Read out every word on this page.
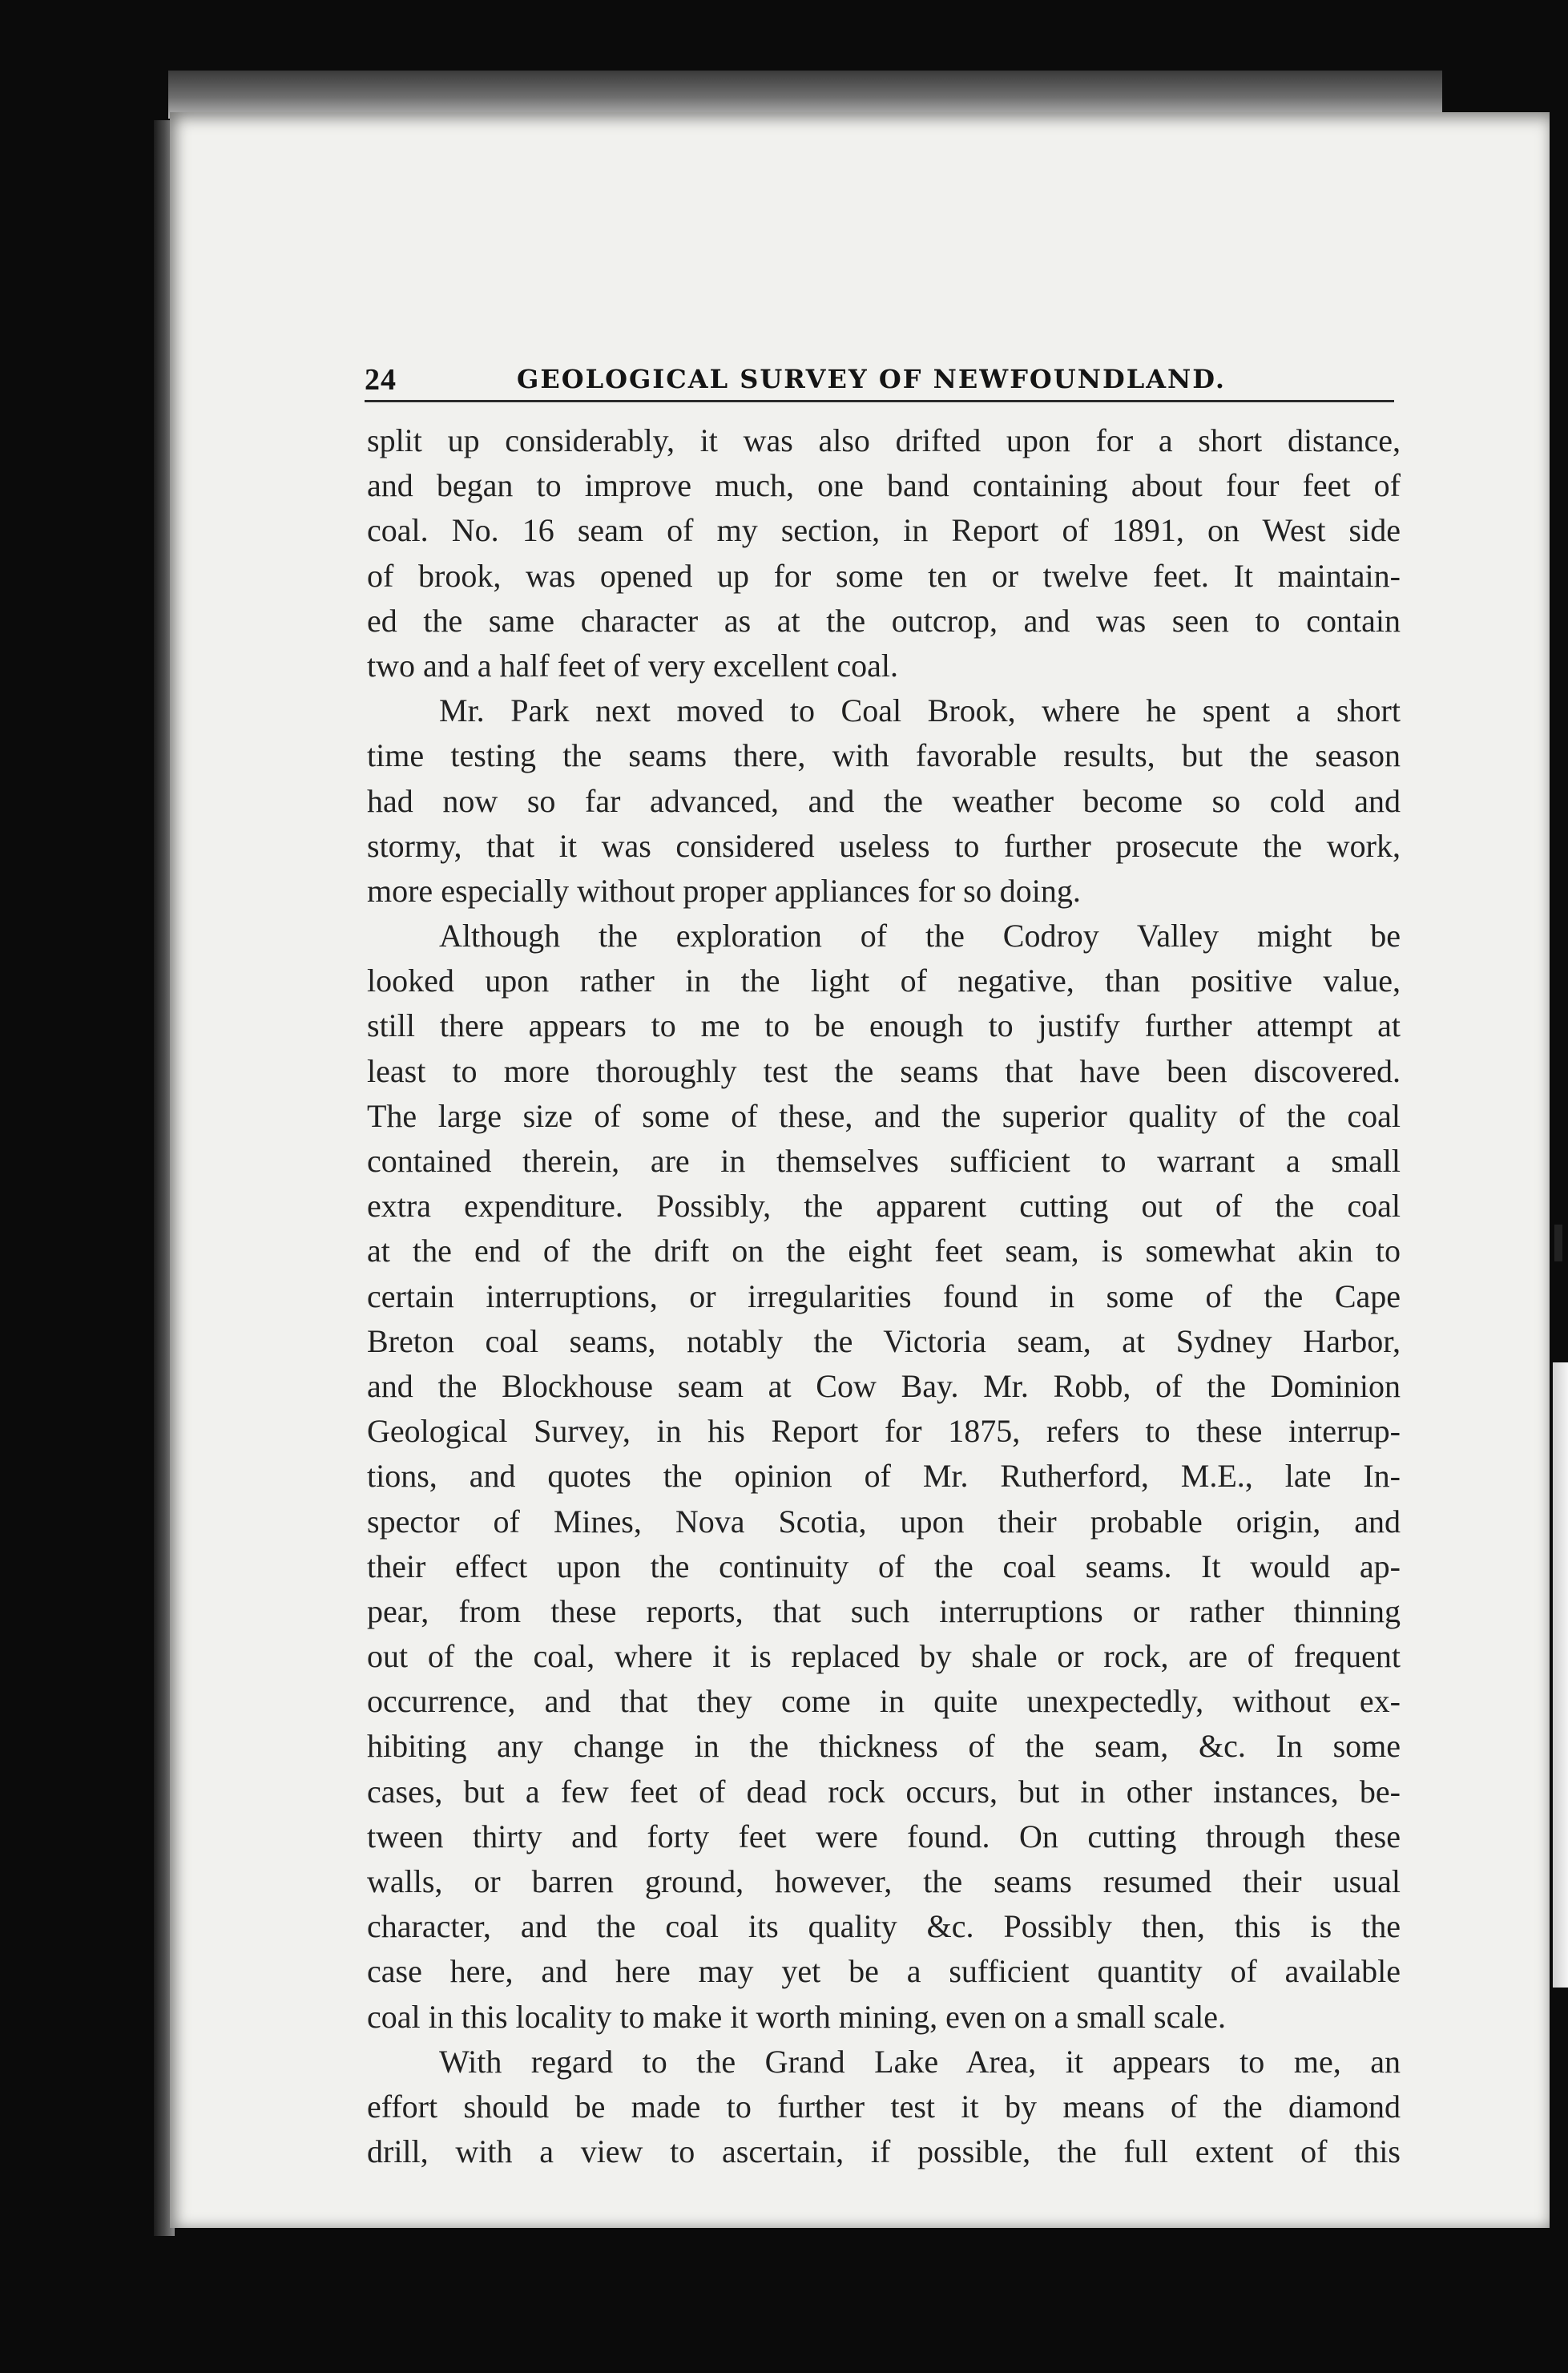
24	GEOLOGICAL SURVEY OF NEWFOUNDLAND.
split up considerably, it was also drifted upon for a short distance,
and began to improve much, one band containing about four feet of
coal. No. 16 seam of my section, in Report of 1891, on West side
of brook, was opened up for some ten or twelve feet. It maintain-
ed the same character as at the outcrop, and was seen to contain
two and a half feet of very excellent coal.
Mr. Park next moved to Coal Brook, where he spent a short
time testing the seams there, with favorable results, but the season
had now so far advanced, and the weather become so cold and
stormy, that it was considered useless to further prosecute the work,
more especially without proper appliances for so doing.
Although the exploration of the Codroy Valley might be
looked upon rather in the light of negative, than positive value,
still there appears to me to be enough to justify further attempt at
least to more thoroughly test the seams that have been discovered.
The large size of some of these, and the superior quality of the coal
contained therein, are in themselves sufficient to warrant a small
extra expenditure. Possibly, the apparent cutting out of the coal
at the end of the drift on the eight feet seam, is somewhat akin to
certain interruptions, or irregularities found in some of the Cape
Breton coal seams, notably the Victoria seam, at Sydney Harbor,
and the Blockhouse seam at Cow Bay. Mr. Robb, of the Dominion
Geological Survey, in his Report for 1875, refers to these interrup-
tions, and quotes the opinion of Mr. Rutherford, M.E., late In-
spector of Mines, Nova Scotia, upon their probable origin, and
their effect upon the continuity of the coal seams. It would ap-
pear, from these reports, that such interruptions or rather thinning
out of the coal, where it is replaced by shale or rock, are of frequent
occurrence, and that they come in quite unexpectedly, without ex-
hibiting any change in the thickness of the seam, &c. In some
cases, but a few feet of dead rock occurs, but in other instances, be-
tween thirty and forty feet were found. On cutting through these
walls, or barren ground, however, the seams resumed their usual
character, and the coal its quality &c. Possibly then, this is the
case here, and here may yet be a sufficient quantity of available
coal in this locality to make it worth mining, even on a small scale.
With regard to the Grand Lake Area, it appears to me, an
effort should be made to further test it by means of the diamond
drill, with a view to ascertain, if possible, the full extent of this
